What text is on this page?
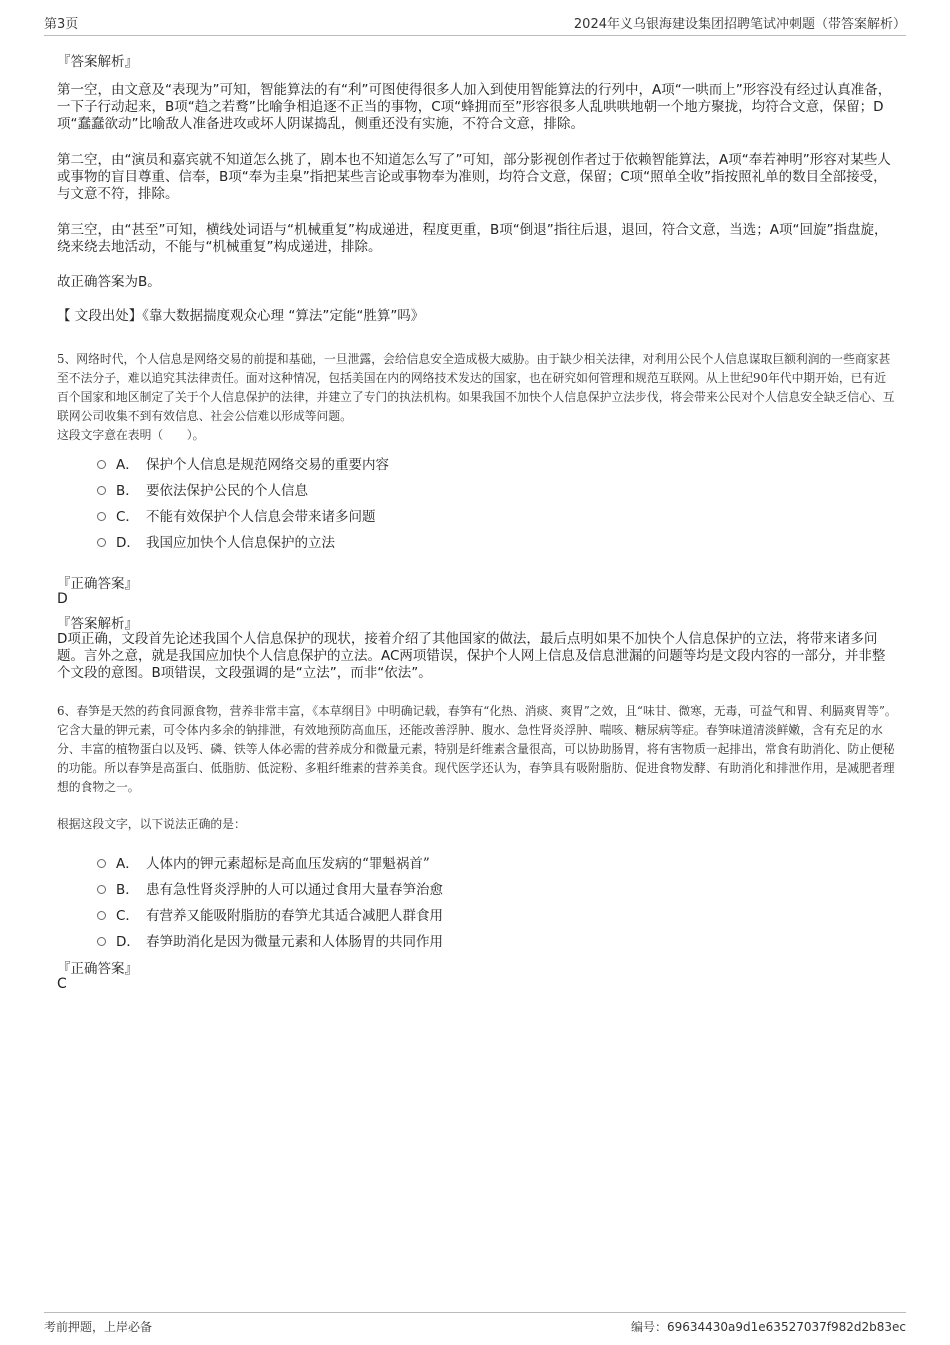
第3页	2024年义乌银海建设集团招聘笔试冲刺题（带答案解析）
『答案解析』

第一空，由文意及“表现为”可知，智能算法的有“利”可图使得很多人加入到使用智能算法的行列中，A项“一哄而上”形容没有经过认真准备，一下子行动起来，B项“趋之若鹜”比喻争相追逐不正当的事物，C项“蜂拥而至”形容很多人乱哄哄地朝一个地方聚拢，均符合文意，保留；D项“蠢蠢欲动”比喻敌人准备进攻或坏人阴谋捣乱，侧重还没有实施，不符合文意，排除。

第二空，由“演员和嘉宾就不知道怎么挑了，剧本也不知道怎么写了”可知，部分影视创作者过于依赖智能算法，A项“奉若神明”形容对某些人或事物的盲目尊重、信奉，B项“奉为圭臬”指把某些言论或事物奉为准则，均符合文意，保留；C项“照单全收”指按照礼单的数目全部接受，与文意不符，排除。

第三空，由“甚至”可知，横线处词语与“机械重复”构成递进，程度更重，B项“倒退”指往后退，退回，符合文意，当选；A项“回旋”指盘旋，绕来绕去地活动，不能与“机械重复”构成递进，排除。

故正确答案为B。

【 文段出处】《靠大数据揣度观众心理 “算法”定能“胜算”吗》

5、网络时代，个人信息是网络交易的前提和基础，一旦泄露，会给信息安全造成极大威胁。由于缺少相关法律，对利用公民个人信息谋取巨额利润的一些商家甚至不法分子，难以追究其法律责任。面对这种情况，包括美国在内的网络技术发达的国家，也在研究如何管理和规范互联网。从上世纪90年代中期开始，已有近百个国家和地区制定了关于个人信息保护的法律，并建立了专门的执法机构。如果我国不加快个人信息保护立法步伐，将会带来公民对个人信息安全缺乏信心、互联网公司收集不到有效信息、社会公信难以形成等问题。

这段文字意在表明（　　）。

A． 保护个人信息是规范网络交易的重要内容
B． 要依法保护公民的个人信息
C． 不能有效保护个人信息会带来诸多问题
D． 我国应加快个人信息保护的立法
『正确答案』
D
『答案解析』

D项正确，文段首先论述我国个人信息保护的现状，接着介绍了其他国家的做法，最后点明如果不加快个人信息保护的立法，将带来诸多问题。言外之意，就是我国应加快个人信息保护的立法。AC两项错误，保护个人网上信息及信息泄漏的问题等均是文段内容的一部分，并非整个文段的意图。B项错误，文段强调的是“立法”，而非“依法”。

6、春笋是天然的药食同源食物，营养非常丰富，《本草纲目》中明确记载，春笋有“化热、消痰、爽胃”之效，且“味甘、微寒，无毒，可益气和胃、利膈爽胃等”。它含大量的钾元素，可令体内多余的钠排泄，有效地预防高血压，还能改善浮肿、腹水、急性肾炎浮肿、喘咳、糖尿病等症。春笋味道清淡鲜嫩，含有充足的水分、丰富的植物蛋白以及钙、磷、铁等人体必需的营养成分和微量元素，特别是纤维素含量很高，可以协助肠胃，将有害物质一起排出，常食有助消化、防止便秘的功能。所以春笋是高蛋白、低脂肪、低淀粉、多粗纤维素的营养美食。现代医学还认为，春笋具有吸附脂肪、促进食物发酵、有助消化和排泄作用，是减肥者理想的食物之一。

根据这段文字，以下说法正确的是：

A． 人体内的钾元素超标是高血压发病的“罪魁祸首”
B． 患有急性肾炎浮肿的人可以通过食用大量春笋治愈
C． 有营养又能吸附脂肪的春笋尤其适合减肥人群食用
D． 春笋助消化是因为微量元素和人体肠胃的共同作用
『正确答案』
C
考前押题，上岸必备	编号：69634430a9d1e63527037f982d2b83ec
